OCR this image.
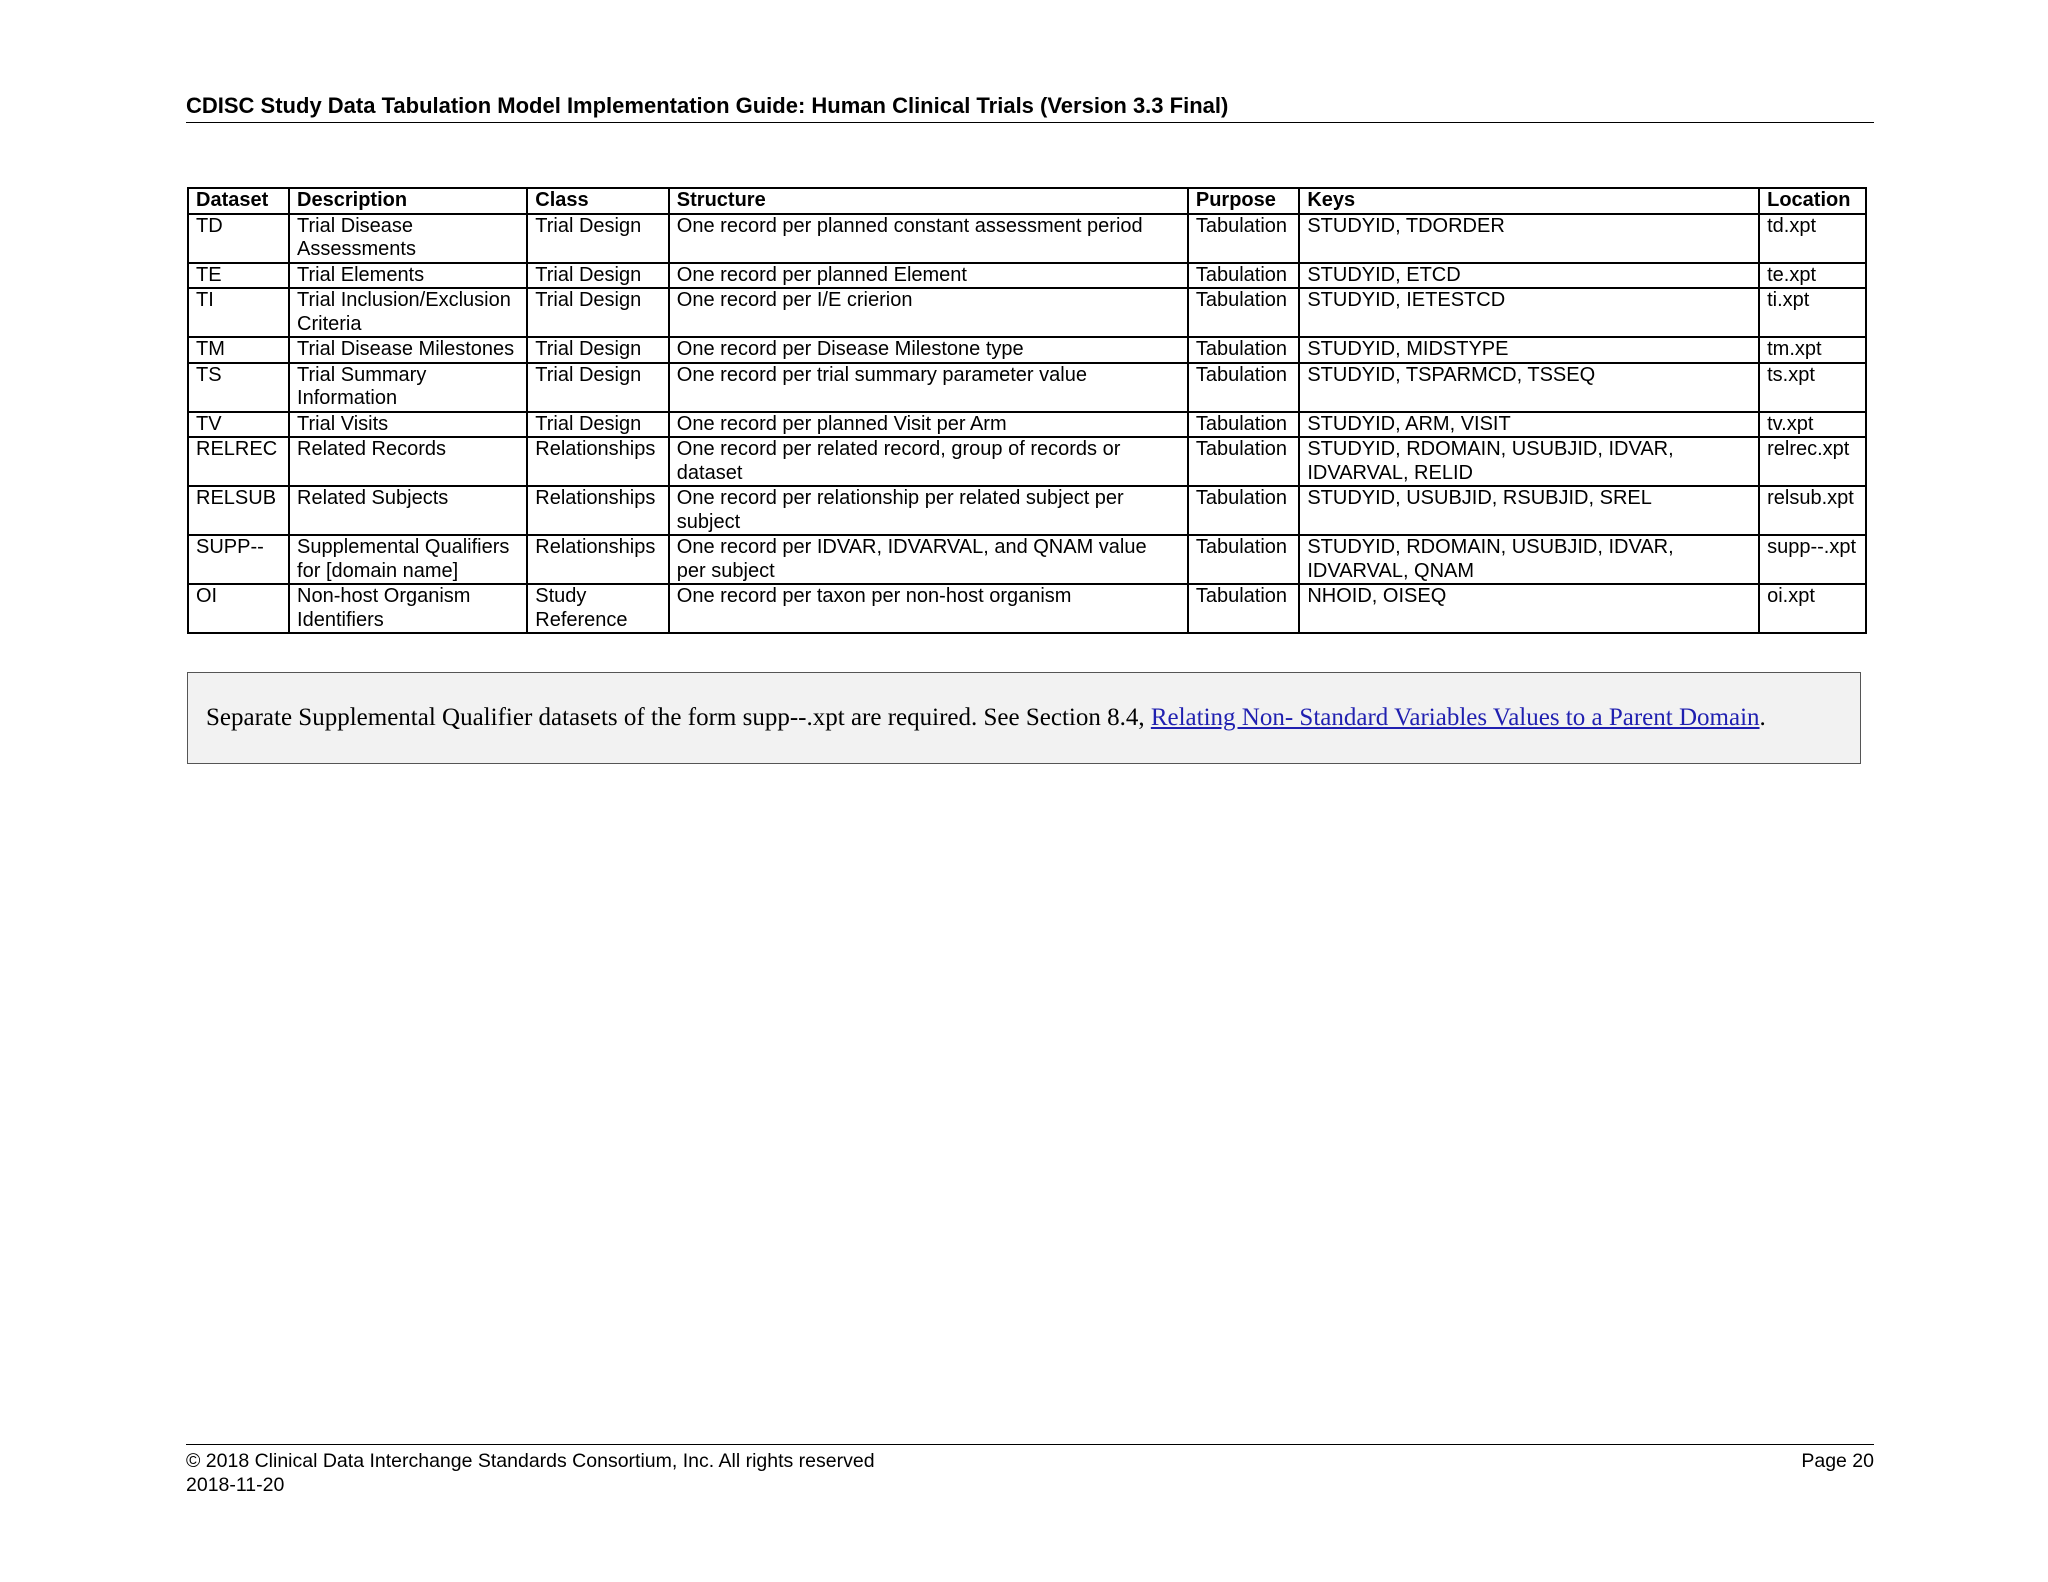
CDISC Study Data Tabulation Model Implementation Guide: Human Clinical Trials (Version 3.3 Final)
Dataset	Description	Class	Structure	Purpose	Keys	Location
TD	Trial Disease Assessments	Trial Design	One record per planned constant assessment period	Tabulation	STUDYID, TDORDER	td.xpt
TE	Trial Elements	Trial Design	One record per planned Element	Tabulation	STUDYID, ETCD	te.xpt
TI	Trial Inclusion/Exclusion Criteria	Trial Design	One record per I/E crierion	Tabulation	STUDYID, IETESTCD	ti.xpt
TM	Trial Disease Milestones	Trial Design	One record per Disease Milestone type	Tabulation	STUDYID, MIDSTYPE	tm.xpt
TS	Trial Summary Information	Trial Design	One record per trial summary parameter value	Tabulation	STUDYID, TSPARMCD, TSSEQ	ts.xpt
TV	Trial Visits	Trial Design	One record per planned Visit per Arm	Tabulation	STUDYID, ARM, VISIT	tv.xpt
RELREC	Related Records	Relationships	One record per related record, group of records or dataset	Tabulation	STUDYID, RDOMAIN, USUBJID, IDVAR, IDVARVAL, RELID	relrec.xpt
RELSUB	Related Subjects	Relationships	One record per relationship per related subject per subject	Tabulation	STUDYID, USUBJID, RSUBJID, SREL	relsub.xpt
SUPP--	Supplemental Qualifiers for [domain name]	Relationships	One record per IDVAR, IDVARVAL, and QNAM value per subject	Tabulation	STUDYID, RDOMAIN, USUBJID, IDVAR, IDVARVAL, QNAM	supp--.xpt
OI	Non-host Organism Identifiers	Study Reference	One record per taxon per non-host organism	Tabulation	NHOID, OISEQ	oi.xpt
Separate Supplemental Qualifier datasets of the form supp--.xpt are required. See Section 8.4, Relating Non- Standard Variables Values to a Parent Domain.
© 2018 Clinical Data Interchange Standards Consortium, Inc. All rights reserved
2018-11-20
Page 20
